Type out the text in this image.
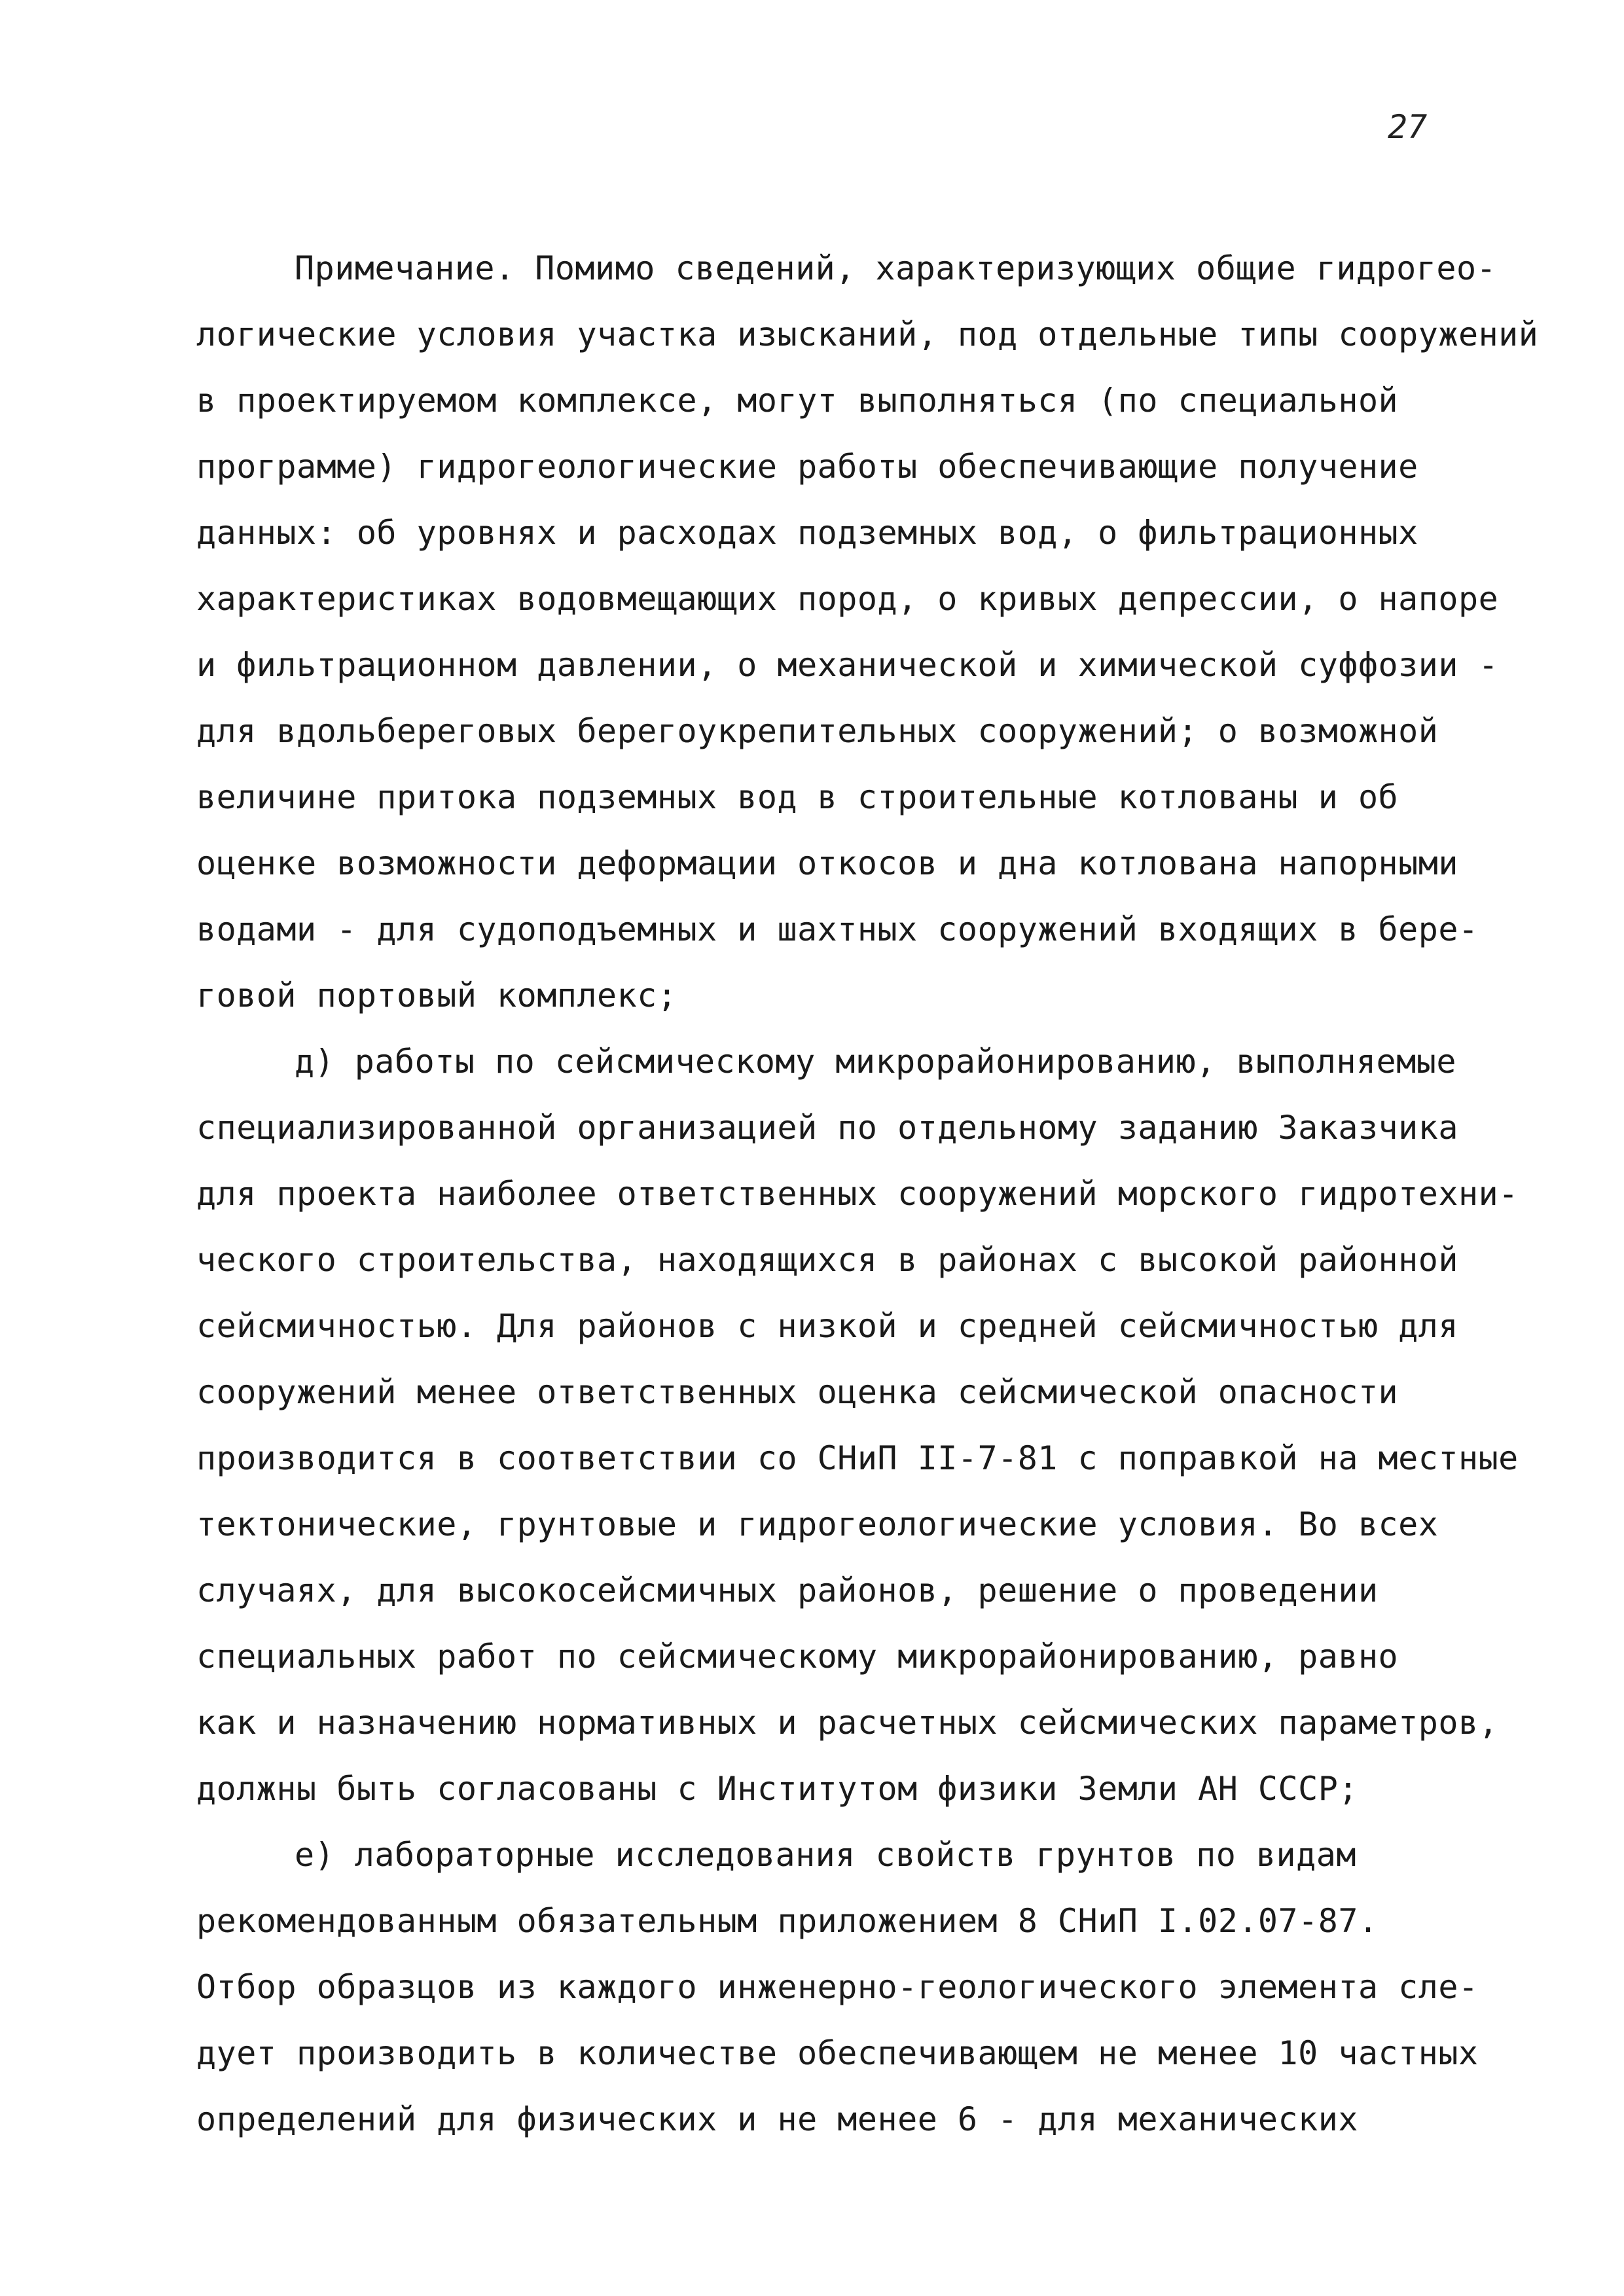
27
Примечание. Помимо сведений, характеризующих общие гидрогео-
логические условия участка изысканий, под отдельные типы сооружений
в проектируемом комплексе, могут выполняться (по специальной
программе) гидрогеологические работы обеспечивающие получение
данных: об уровнях и расходах подземных вод, о фильтрационных
характеристиках водовмещающих пород, о кривых депрессии, о напоре
и фильтрационном давлении, о механической и химической суффозии -
для вдольбереговых берегоукрепительных сооружений; о возможной
величине притока подземных вод в строительные котлованы и об
оценке возможности деформации откосов и дна котлована напорными
водами - для судоподъемных и шахтных сооружений входящих в бере-
говой портовый комплекс;
д) работы по сейсмическому микрорайонированию, выполняемые
специализированной организацией по отдельному заданию Заказчика
для проекта наиболее ответственных сооружений морского гидротехни-
ческого строительства, находящихся в районах с высокой районной
сейсмичностью. Для районов с низкой и средней сейсмичностью для
сооружений менее ответственных оценка сейсмической опасности
производится в соответствии со СНиП II-7-81 с поправкой на местные
тектонические, грунтовые и гидрогеологические условия. Во всех
случаях, для высокосейсмичных районов, решение о проведении
специальных работ по сейсмическому микрорайонированию, равно
как и назначению нормативных и расчетных сейсмических параметров,
должны быть согласованы с Институтом физики Земли АН СССР;
е) лабораторные исследования свойств грунтов по видам
рекомендованным обязательным приложением 8 СНиП I.02.07-87.
Отбор образцов из каждого инженерно-геологического элемента сле-
дует производить в количестве обеспечивающем не менее 10 частных
определений для физических и не менее 6 - для механических
